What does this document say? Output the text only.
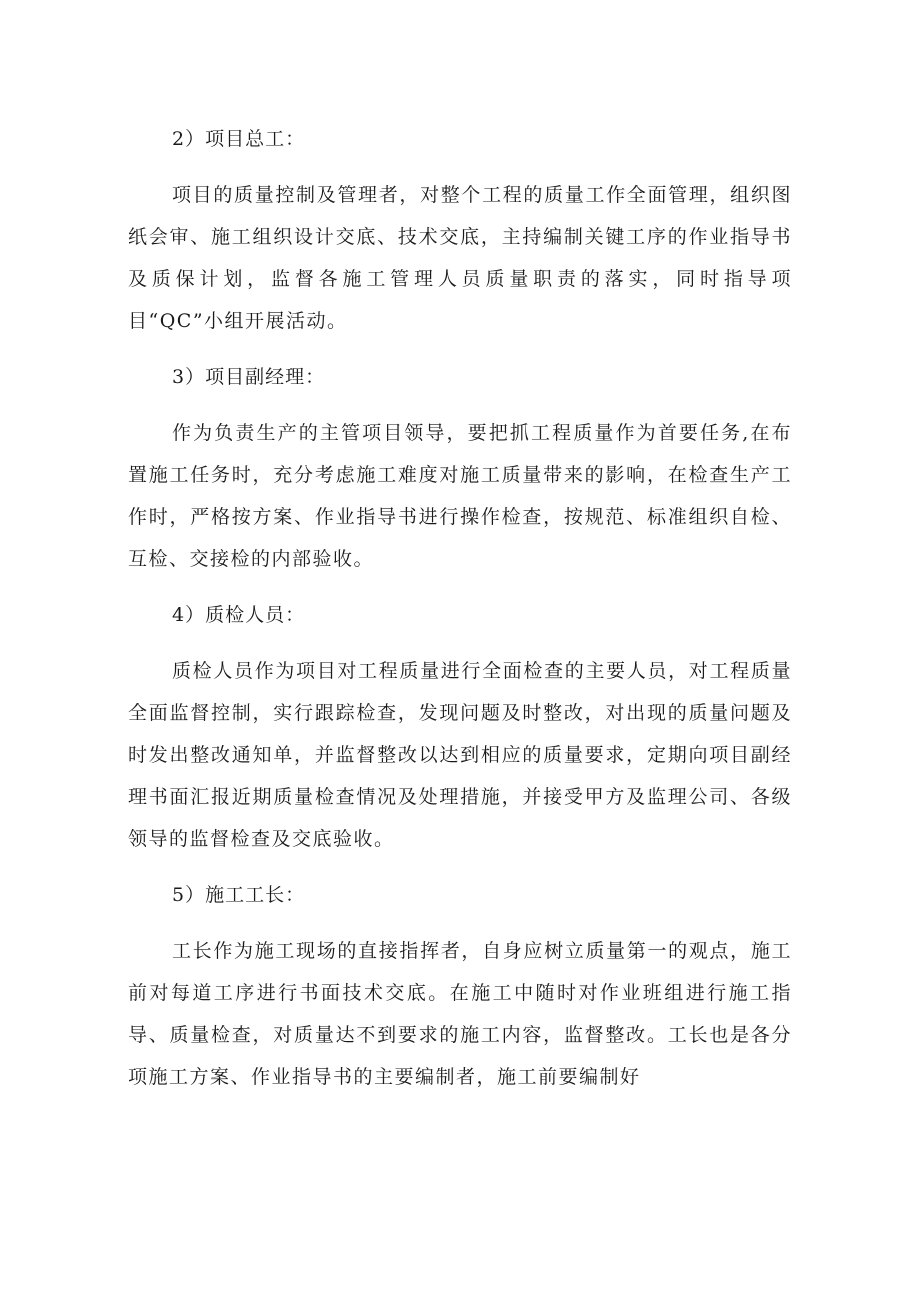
2）项目总工：

项目的质量控制及管理者，对整个工程的质量工作全面管理，组织图纸会审、施工组织设计交底、技术交底，主持编制关键工序的作业指导书及质保计划，监督各施工管理人员质量职责的落实，同时指导项目“QC”小组开展活动。

3）项目副经理：

作为负责生产的主管项目领导，要把抓工程质量作为首要任务,在布置施工任务时，充分考虑施工难度对施工质量带来的影响，在检查生产工作时，严格按方案、作业指导书进行操作检查，按规范、标准组织自检、互检、交接检的内部验收。

4）质检人员：

质检人员作为项目对工程质量进行全面检查的主要人员，对工程质量全面监督控制，实行跟踪检查，发现问题及时整改，对出现的质量问题及时发出整改通知单，并监督整改以达到相应的质量要求，定期向项目副经理书面汇报近期质量检查情况及处理措施，并接受甲方及监理公司、各级领导的监督检查及交底验收。

5）施工工长：

工长作为施工现场的直接指挥者，自身应树立质量第一的观点，施工前对每道工序进行书面技术交底。在施工中随时对作业班组进行施工指导、质量检查，对质量达不到要求的施工内容，监督整改。工长也是各分项施工方案、作业指导书的主要编制者，施工前要编制好
